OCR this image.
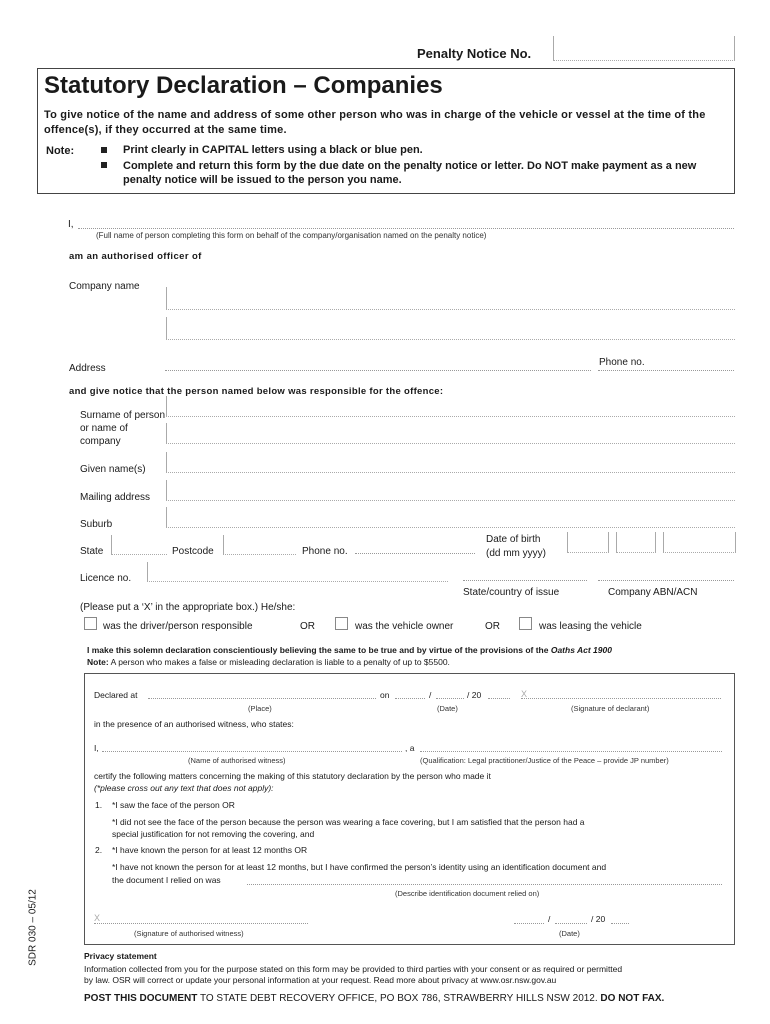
Penalty Notice No.
Statutory Declaration – Companies
To give notice of the name and address of some other person who was in charge of the vehicle or vessel at the time of the offence(s), if they occurred at the same time.
Note:	Print clearly in CAPITAL letters using a black or blue pen.
Complete and return this form by the due date on the penalty notice or letter. Do NOT make payment as a new penalty notice will be issued to the person you name.
I,
(Full name of person completing this form on behalf of the company/organisation named on the penalty notice)
am an authorised officer of
Company name
Address
Phone no.
and give notice that the person named below was responsible for the offence:
Surname of person or name of company
Given name(s)
Mailing address
Suburb
State	Postcode	Phone no.
Date of birth (dd mm yyyy)
Licence no.
State/country of issue	Company ABN/ACN
(Please put a ‘X’ in the appropriate box.) He/she:
was the driver/person responsible	OR	was the vehicle owner	OR	was leasing the vehicle
I make this solemn declaration conscientiously believing the same to be true and by virtue of the provisions of the Oaths Act 1900
Note: A person who makes a false or misleading declaration is liable to a penalty of up to $5500.
Declared at	on	/	/ 20	X
(Place)	(Date)	(Signature of declarant)
in the presence of an authorised witness, who states:
I,	, a
(Name of authorised witness)	(Qualification: Legal practitioner/Justice of the Peace – provide JP number)
certify the following matters concerning the making of this statutory declaration by the person who made it
(*please cross out any text that does not apply):
1. *I saw the face of the person OR
*I did not see the face of the person because the person was wearing a face covering, but I am satisfied that the person had a
special justification for not removing the covering, and
2. *I have known the person for at least 12 months OR
*I have not known the person for at least 12 months, but I have confirmed the person’s identity using an identification document and
the document I relied on was
(Describe identification document relied on)
X	/	/ 20
(Signature of authorised witness)	(Date)
SDR 030 – 05/12	Privacy statement
Information collected from you for the purpose stated on this form may be provided to third parties with your consent or as required or permitted
by law. OSR will correct or update your personal information at your request. Read more about privacy at www.osr.nsw.gov.au
POST THIS DOCUMENT TO STATE DEBT RECOVERY OFFICE, PO BOX 786, STRAWBERRY HILLS NSW 2012. DO NOT FAX.
